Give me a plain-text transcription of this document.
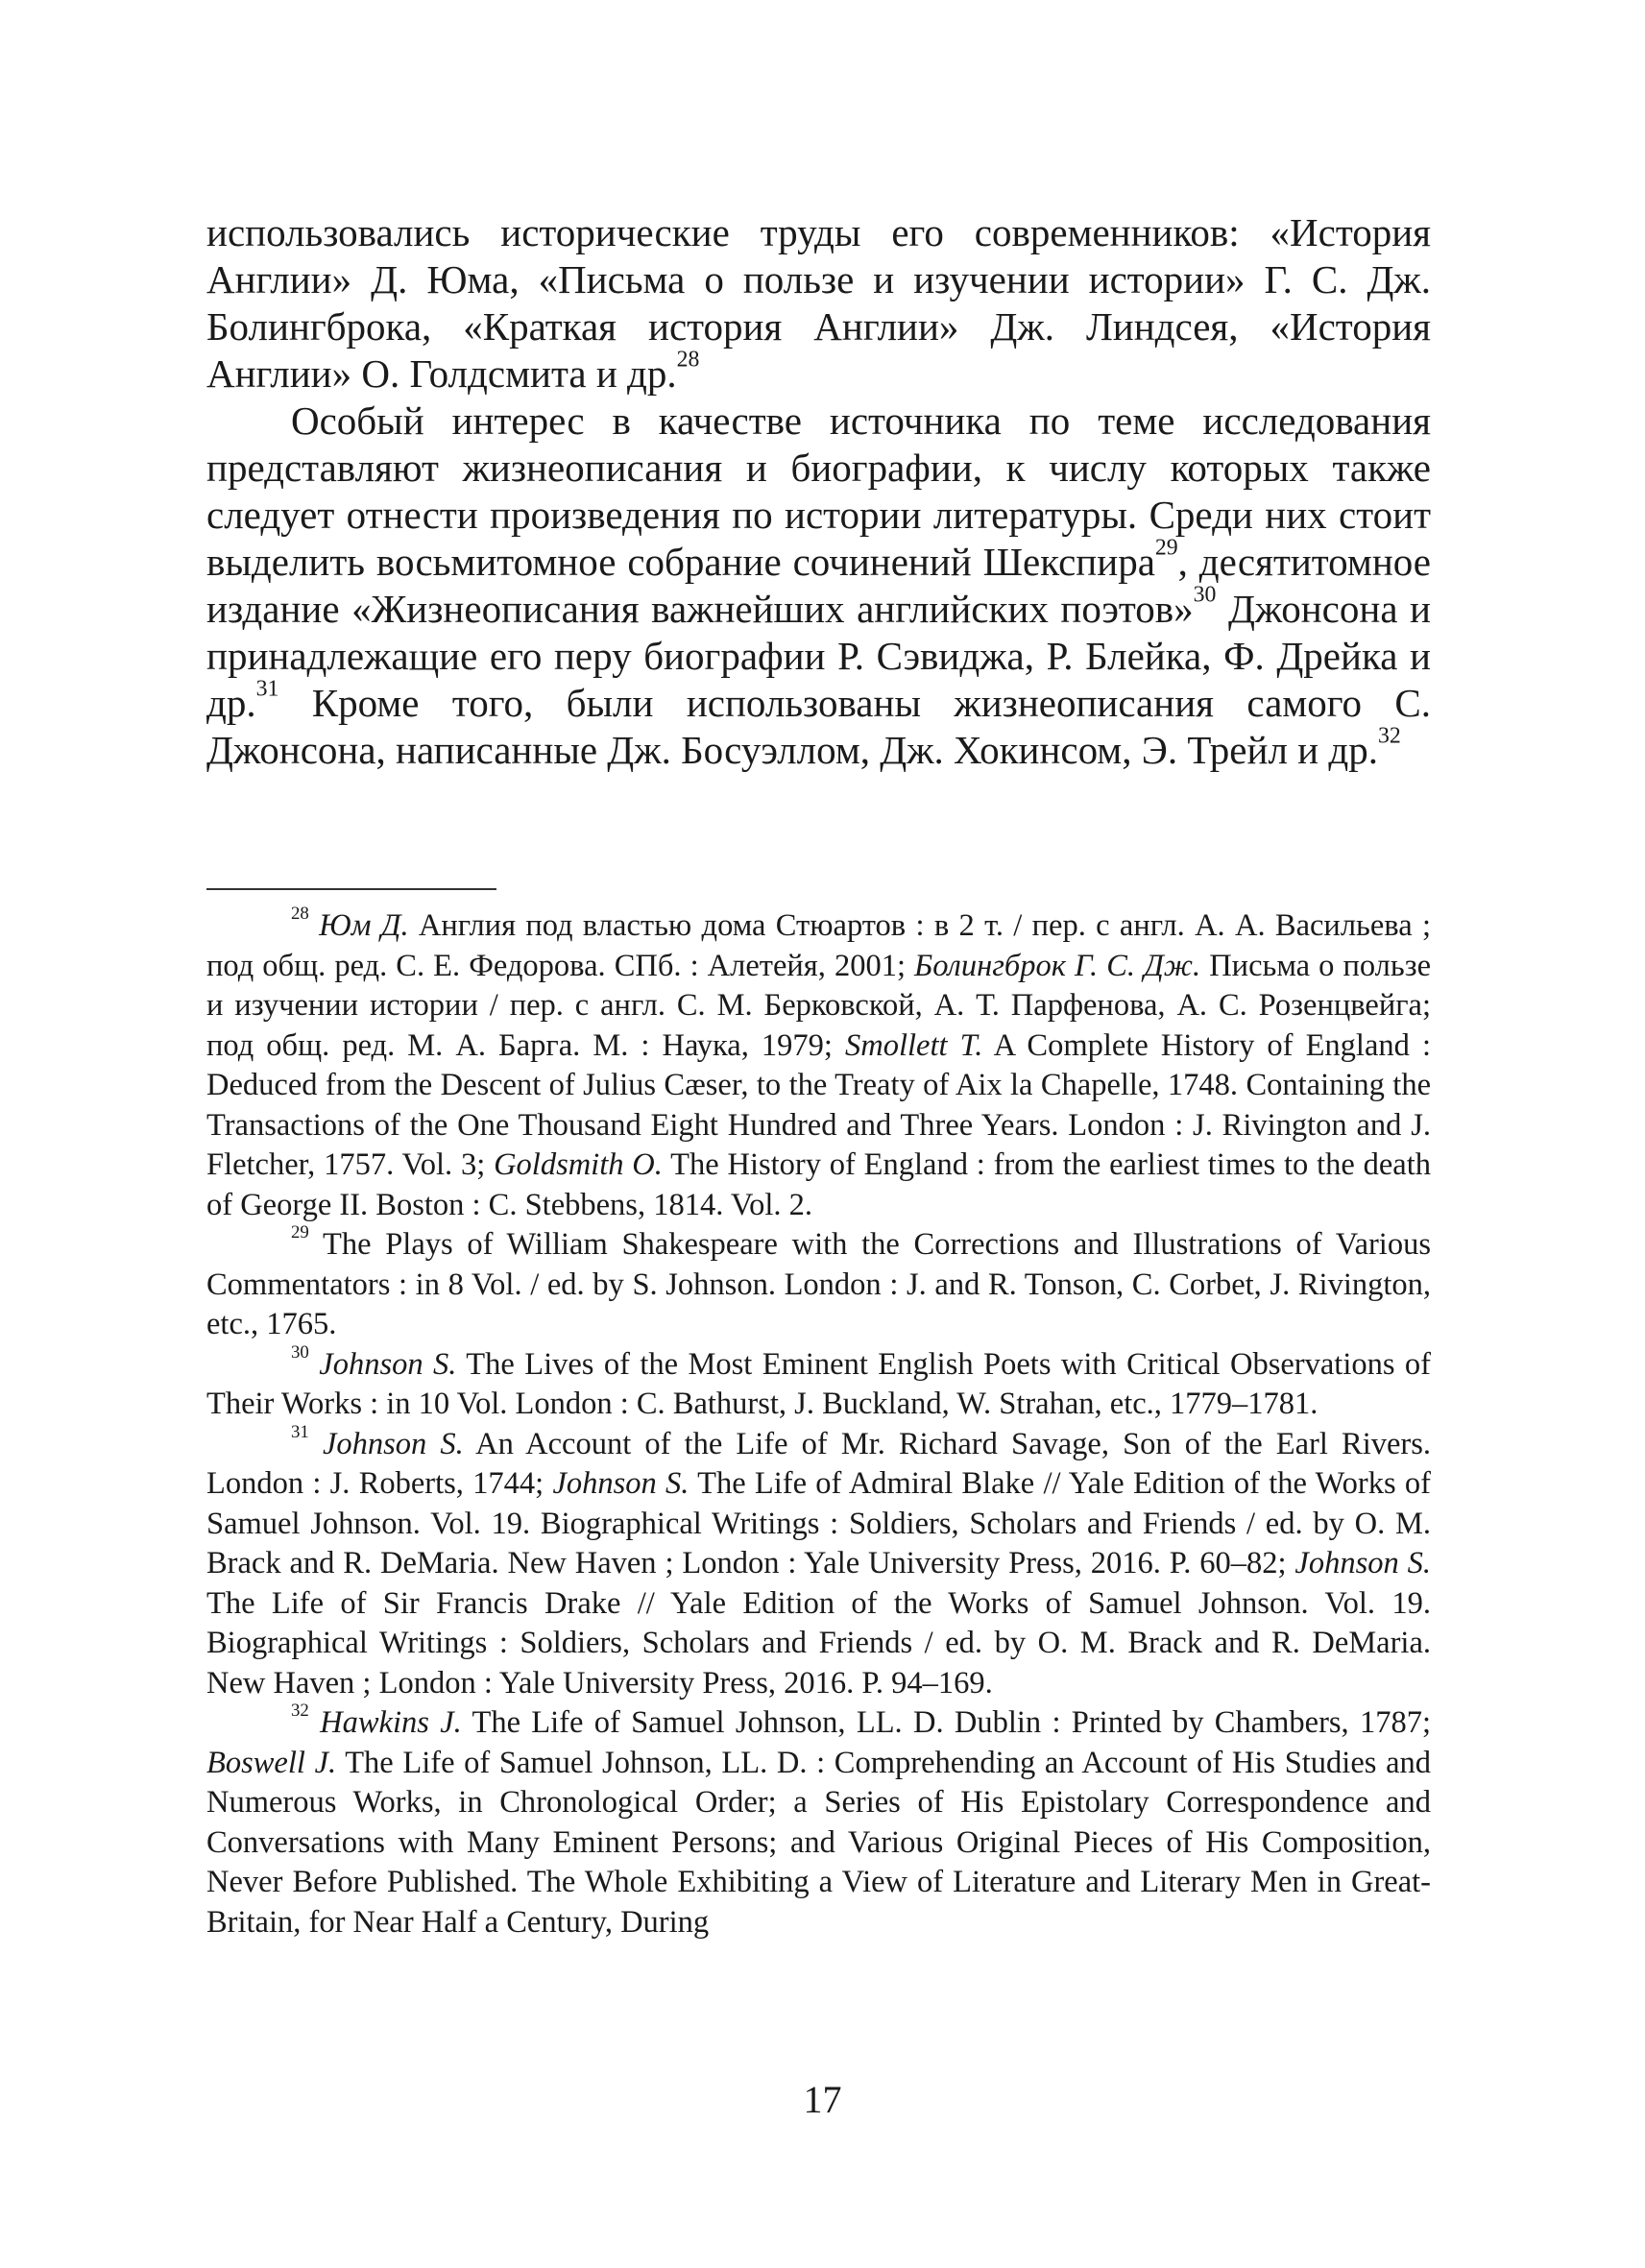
использовались исторические труды его современников: «История Англии» Д. Юма, «Письма о пользе и изучении истории» Г. С. Дж. Болингброка, «Краткая история Англии» Дж. Линдсея, «История Англии» О. Голдсмита и др.$^{28}$

Особый интерес в качестве источника по теме исследования представляют жизнеописания и биографии, к числу которых также следует отнести произведения по истории литературы. Среди них стоит выделить восьмитомное собрание сочинений Шекспира$^{29}$, десятитомное издание «Жизнеописания важнейших английских поэтов»$^{30}$ Джонсона и принадлежащие его перу биографии Р. Сэвиджа, Р. Блейка, Ф. Дрейка и др.$^{31}$ Кроме того, были использованы жизнеописания самого С. Джонсона, написанные Дж. Босуэллом, Дж. Хокинсом, Э. Трейл и др.$^{32}$

$^{28}$ Юм Д. Англия под властью дома Стюартов : в 2 т. / пер. с англ. А. А. Васильева ; под общ. ред. С. Е. Федорова. СПб. : Алетейя, 2001; Болингброк Г. С. Дж. Письма о пользе и изучении истории / пер. с англ. С. М. Берковской, А. Т. Парфенова, А. С. Розенцвейга; под общ. ред. М. А. Барга. М. : Наука, 1979; Smollett T. A Complete History of England : Deduced from the Descent of Julius Cæser, to the Treaty of Aix la Chapelle, 1748. Containing the Transactions of the One Thousand Eight Hundred and Three Years. London : J. Rivington and J. Fletcher, 1757. Vol. 3; Goldsmith O. The History of England : from the earliest times to the death of George II. Boston : C. Stebbens, 1814. Vol. 2.

$^{29}$ The Plays of William Shakespeare with the Corrections and Illustrations of Various Commentators : in 8 Vol. / ed. by S. Johnson. London : J. and R. Tonson, C. Corbet, J. Rivington, etc., 1765.

$^{30}$ Johnson S. The Lives of the Most Eminent English Poets with Critical Observations of Their Works : in 10 Vol. London : C. Bathurst, J. Buckland, W. Strahan, etc., 1779–1781.

$^{31}$ Johnson S. An Account of the Life of Mr. Richard Savage, Son of the Earl Rivers. London : J. Roberts, 1744; Johnson S. The Life of Admiral Blake // Yale Edition of the Works of Samuel Johnson. Vol. 19. Biographical Writings : Soldiers, Scholars and Friends / ed. by O. M. Brack and R. DeMaria. New Haven ; London : Yale University Press, 2016. P. 60–82; Johnson S. The Life of Sir Francis Drake // Yale Edition of the Works of Samuel Johnson. Vol. 19. Biographical Writings : Soldiers, Scholars and Friends / ed. by O. M. Brack and R. DeMaria. New Haven ; London : Yale University Press, 2016. P. 94–169.

$^{32}$ Hawkins J. The Life of Samuel Johnson, LL. D. Dublin : Printed by Chambers, 1787; Boswell J. The Life of Samuel Johnson, LL. D. : Comprehending an Account of His Studies and Numerous Works, in Chronological Order; a Series of His Epistolary Correspondence and Conversations with Many Eminent Persons; and Various Original Pieces of His Composition, Never Before Published. The Whole Exhibiting a View of Literature and Literary Men in Great-Britain, for Near Half a Century, During

17
